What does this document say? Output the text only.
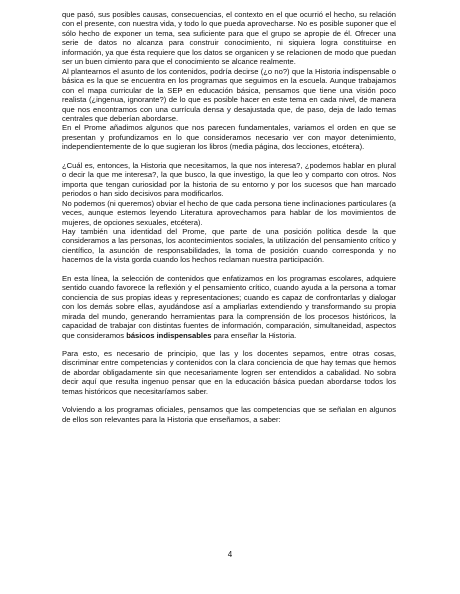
que pasó, sus posibles causas, consecuencias, el contexto en el que ocurrió el hecho, su relación con el presente, con nuestra vida, y todo lo que pueda aprovecharse. No es posible suponer que el sólo hecho de exponer un tema, sea suficiente para que el grupo se apropie de él. Ofrecer una serie de datos no alcanza para construir conocimiento, ni siquiera logra constituirse en información, ya que ésta requiere que los datos se organicen y se relacionen de modo que puedan ser un buen cimiento para que el conocimiento se alcance realmente.

Al plantearnos el asunto de los contenidos, podría decirse (¿o no?) que la Historia indispensable o básica es la que se encuentra en los programas que seguimos en la escuela. Aunque trabajamos con el mapa curricular de la SEP en educación básica, pensamos que tiene una visión poco realista (¿ingenua, ignorante?) de lo que es posible hacer en este tema en cada nivel, de manera que nos encontramos con una currícula densa y desajustada que, de paso, deja de lado temas centrales que deberían abordarse.

En el Prome añadimos algunos que nos parecen fundamentales, variamos el orden en que se presentan y profundizamos en lo que consideramos necesario ver con mayor detenimiento, independientemente de lo que sugieran los libros (media página, dos lecciones, etcétera).

¿Cuál es, entonces, la Historia que necesitamos, la que nos interesa?, ¿podemos hablar en plural o decir la que me interesa?, la que busco, la que investigo, la que leo y comparto con otros. Nos importa que tengan curiosidad por la historia de su entorno y por los sucesos que han marcado periodos o han sido decisivos para modificarlos.

No podemos (ni queremos) obviar el hecho de que cada persona tiene inclinaciones particulares (a veces, aunque estemos leyendo Literatura aprovechamos para hablar de los movimientos de mujeres, de opciones sexuales, etcétera).

Hay también una identidad del Prome, que parte de una posición política desde la que consideramos a las personas, los acontecimientos sociales, la utilización del pensamiento crítico y científico, la asunción de responsabilidades, la toma de posición cuando corresponda y no hacernos de la vista gorda cuando los hechos reclaman nuestra participación.

En esta línea, la selección de contenidos que enfatizamos en los programas escolares, adquiere sentido cuando favorece la reflexión y el pensamiento crítico, cuando ayuda a la persona a tomar conciencia de sus propias ideas y representaciones; cuando es capaz de confrontarlas y dialogar con los demás sobre ellas, ayudándose así a ampliarlas extendiendo y transformando su propia mirada del mundo, generando herramientas para la comprensión de los procesos históricos, la capacidad de trabajar con distintas fuentes de información, comparación, simultaneidad, aspectos que consideramos básicos indispensables para enseñar la Historia.

Para esto, es necesario de principio, que las y los docentes sepamos, entre otras cosas, discriminar entre competencias y contenidos con la clara conciencia de que hay temas que hemos de abordar obligadamente sin que necesariamente logren ser entendidos a cabalidad. No sobra decir aquí que resulta ingenuo pensar que en la educación básica puedan abordarse todos los temas históricos que necesitaríamos saber.

Volviendo a los programas oficiales, pensamos que las competencias que se señalan en algunos de ellos son relevantes para la Historia que enseñamos, a saber:

4
